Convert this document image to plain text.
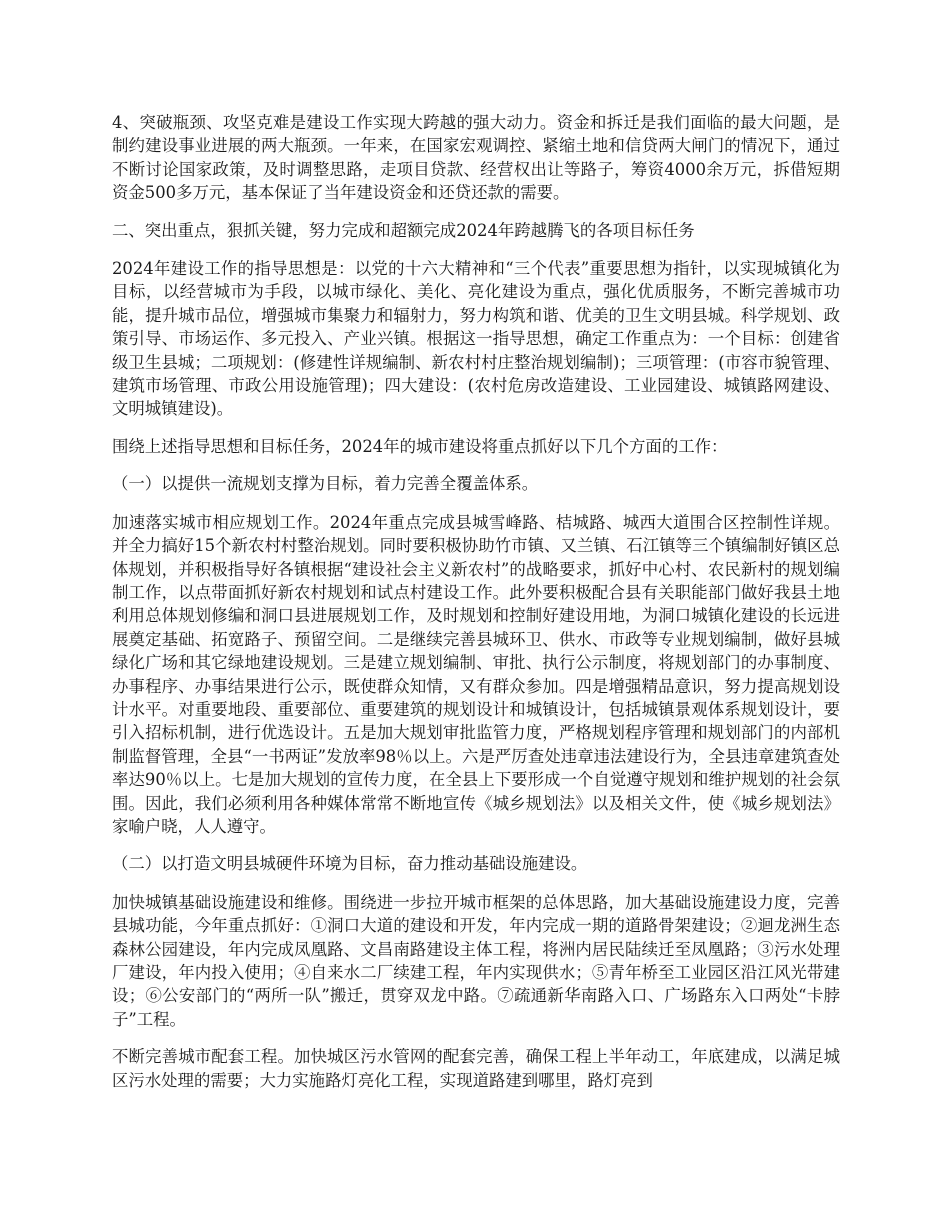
4、突破瓶颈、攻坚克难是建设工作实现大跨越的强大动力。资金和拆迁是我们面临的最大问题，是制约建设事业进展的两大瓶颈。一年来，在国家宏观调控、紧缩土地和信贷两大闸门的情况下，通过不断讨论国家政策，及时调整思路，走项目贷款、经营权出让等路子，筹资4000余万元，拆借短期资金500多万元，基本保证了当年建设资金和还贷还款的需要。

二、突出重点，狠抓关键，努力完成和超额完成2024年跨越腾飞的各项目标任务

2024年建设工作的指导思想是：以党的十六大精神和“三个代表”重要思想为指针，以实现城镇化为目标，以经营城市为手段，以城市绿化、美化、亮化建设为重点，强化优质服务，不断完善城市功能，提升城市品位，增强城市集聚力和辐射力，努力构筑和谐、优美的卫生文明县城。科学规划、政策引导、市场运作、多元投入、产业兴镇。根据这一指导思想，确定工作重点为：一个目标：创建省级卫生县城；二项规划：(修建性详规编制、新农村村庄整治规划编制)；三项管理：(市容市貌管理、建筑市场管理、市政公用设施管理)；四大建设：(农村危房改造建设、工业园建设、城镇路网建设、文明城镇建设)。

围绕上述指导思想和目标任务，2024年的城市建设将重点抓好以下几个方面的工作：

（一）以提供一流规划支撑为目标，着力完善全覆盖体系。

加速落实城市相应规划工作。2024年重点完成县城雪峰路、桔城路、城西大道围合区控制性详规。并全力搞好15个新农村村整治规划。同时要积极协助竹市镇、又兰镇、石江镇等三个镇编制好镇区总体规划，并积极指导好各镇根据“建设社会主义新农村”的战略要求，抓好中心村、农民新村的规划编制工作，以点带面抓好新农村规划和试点村建设工作。此外要积极配合县有关职能部门做好我县土地利用总体规划修编和洞口县进展规划工作，及时规划和控制好建设用地，为洞口城镇化建设的长远进展奠定基础、拓宽路子、预留空间。二是继续完善县城环卫、供水、市政等专业规划编制，做好县城绿化广场和其它绿地建设规划。三是建立规划编制、审批、执行公示制度，将规划部门的办事制度、办事程序、办事结果进行公示，既使群众知情，又有群众参加。四是增强精品意识，努力提高规划设计水平。对重要地段、重要部位、重要建筑的规划设计和城镇设计，包括城镇景观体系规划设计，要引入招标机制，进行优选设计。五是加大规划审批监管力度，严格规划程序管理和规划部门的内部机制监督管理，全县“一书两证”发放率98％以上。六是严厉查处违章违法建设行为，全县违章建筑查处率达90％以上。七是加大规划的宣传力度，在全县上下要形成一个自觉遵守规划和维护规划的社会氛围。因此，我们必须利用各种媒体常常不断地宣传《城乡规划法》以及相关文件，使《城乡规划法》家喻户晓，人人遵守。

（二）以打造文明县城硬件环境为目标，奋力推动基础设施建设。

加快城镇基础设施建设和维修。围绕进一步拉开城市框架的总体思路，加大基础设施建设力度，完善县城功能，今年重点抓好：①洞口大道的建设和开发，年内完成一期的道路骨架建设；②迴龙洲生态森林公园建设，年内完成凤凰路、文昌南路建设主体工程，将洲内居民陆续迁至凤凰路；③污水处理厂建设，年内投入使用；④自来水二厂续建工程，年内实现供水；⑤青年桥至工业园区沿江风光带建设；⑥公安部门的“两所一队”搬迁，贯穿双龙中路。⑦疏通新华南路入口、广场路东入口两处“卡脖子”工程。

不断完善城市配套工程。加快城区污水管网的配套完善，确保工程上半年动工，年底建成，以满足城区污水处理的需要；大力实施路灯亮化工程，实现道路建到哪里，路灯亮到
